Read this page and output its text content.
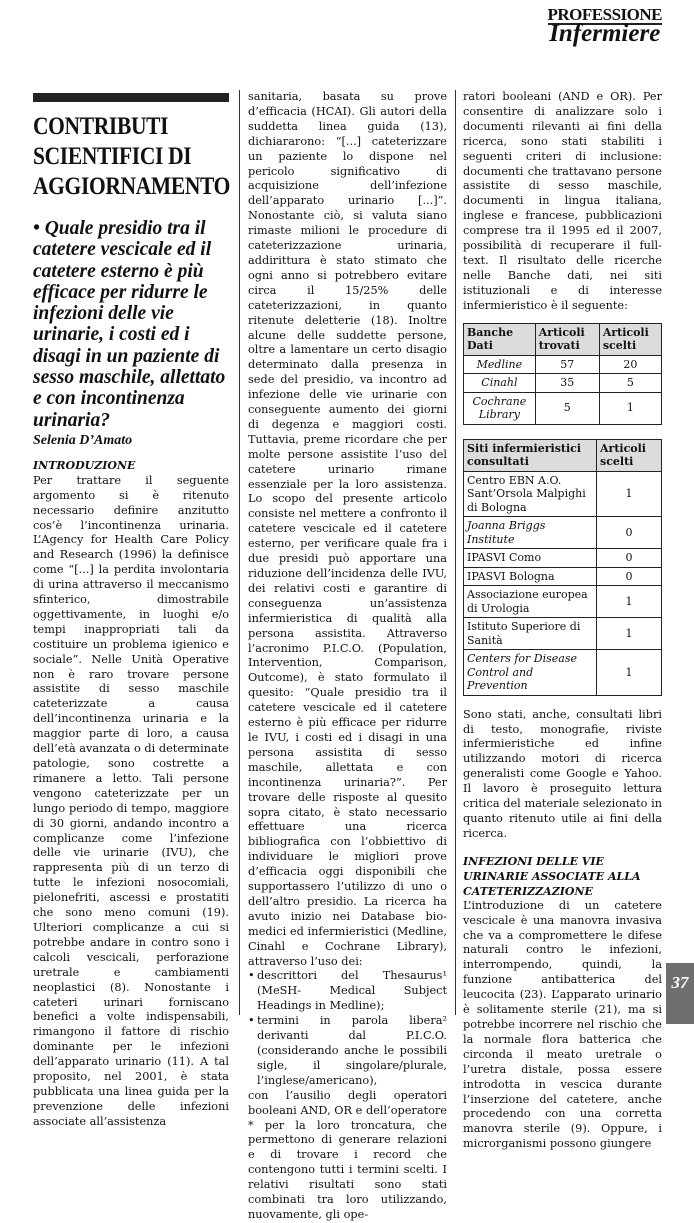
PROFESSIONE
Infermiere
CONTRIBUTI SCIENTIFICI DI AGGIORNAMENTO
• Quale presidio tra il catetere vescicale ed il catetere esterno è più efficace per ridurre le infezioni delle vie urinarie, i costi ed i disagi in un paziente di sesso maschile, allettato e con incontinenza urinaria?
Selenia D’Amato
INTRODUZIONE

Per trattare il seguente argomento si è ritenuto necessario definire anzitutto cos’è l’incontinenza urinaria. L’Agency for Health Care Policy and Research (1996) la definisce come “[...] la perdita involontaria di urina attraverso il meccanismo sfinterico, dimostrabile oggettivamente, in luoghi e/o tempi inappropriati tali da costituire un problema igienico e sociale”. Nelle Unità Operative non è raro trovare persone assistite di sesso maschile cateterizzate a causa dell’incontinenza urinaria e la maggior parte di loro, a causa dell’età avanzata o di determinate patologie, sono costrette a rimanere a letto. Tali persone vengono cateterizzate per un lungo periodo di tempo, maggiore di 30 giorni, andando incontro a complicanze come l’infezione delle vie urinarie (IVU), che rappresenta più di un terzo di tutte le infezioni nosocomiali, pielonefriti, ascessi e prostatiti che sono meno comuni (19). Ulteriori complicanze a cui si potrebbe andare in contro sono i calcoli vescicali, perforazione uretrale e cambiamenti neoplastici (8). Nonostante i cateteri urinari forniscano benefici a volte indispensabili, rimangono il fattore di rischio dominante per le infezioni dell’apparato urinario (11). A tal proposito, nel 2001, è stata pubblicata una linea guida per la prevenzione delle infezioni associate all’assistenza

sanitaria, basata su prove d’efficacia (HCAI). Gli autori della suddetta linea guida (13), dichiararono: “[...] cateterizzare un paziente lo dispone nel pericolo significativo di acquisizione dell’infezione dell’apparato urinario [...]”. Nonostante ciò, si valuta siano rimaste milioni le procedure di cateterizzazione urinaria, addirittura è stato stimato che ogni anno si potrebbero evitare circa il 15/25% delle cateterizzazioni, in quanto ritenute deletterie (18). Inoltre alcune delle suddette persone, oltre a lamentare un certo disagio determinato dalla presenza in sede del presidio, va incontro ad infezione delle vie urinarie con conseguente aumento dei giorni di degenza e maggiori costi. Tuttavia, preme ricordare che per molte persone assistite l’uso del catetere urinario rimane essenziale per la loro assistenza. Lo scopo del presente articolo consiste nel mettere a confronto il catetere vescicale ed il catetere esterno, per verificare quale fra i due presidi può apportare una riduzione dell’incidenza delle IVU, dei relativi costi e garantire di conseguenza un’assistenza infermieristica di qualità alla persona assistita. Attraverso l’acronimo P.I.C.O. (Population, Intervention, Comparison, Outcome), è stato formulato il quesito: “Quale presidio tra il catetere vescicale ed il catetere esterno è più efficace per ridurre le IVU, i costi ed i disagi in una persona assistita di sesso maschile, allettata e con incontinenza urinaria?”. Per trovare delle risposte al quesito sopra citato, è stato necessario effettuare una ricerca bibliografica con l’obbiettivo di individuare le migliori prove d’efficacia oggi disponibili che supportassero l’utilizzo di uno o dell’altro presidio. La ricerca ha avuto inizio nei Database bio-medici ed infermieristici (Medline, Cinahl e Cochrane Library), attraverso l’uso dei:

• descrittori del Thesaurus¹ (MeSH- Medical Subject Headings in Medline);
• termini in parola libera² derivanti dal P.I.C.O. (considerando anche le possibili sigle, il singolare/plurale, l’inglese/americano),

con l’ausilio degli operatori booleani AND, OR e dell’operatore * per la loro troncatura, che permettono di generare relazioni e di trovare i record che contengono tutti i termini scelti. I relativi risultati sono stati combinati tra loro utilizzando, nuovamente, gli ope-

ratori booleani (AND e OR). Per consentire di analizzare solo i documenti rilevanti ai fini della ricerca, sono stati stabiliti i seguenti criteri di inclusione: documenti che trattavano persone assistite di sesso maschile, documenti in lingua italiana, inglese e francese, pubblicazioni comprese tra il 1995 ed il 2007, possibilità di recuperare il full-text. Il risultato delle ricerche nelle Banche dati, nei siti istituzionali e di interesse infermieristico è il seguente:

Banche Dati	Articoli trovati	Articoli scelti
Medline	57	20
Cinahl	35	5
Cochrane Library	5	1
Siti infermieristici consultati	Articoli scelti
Centro EBN A.O. Sant’Orsola Malpighi di Bologna	1
Joanna Briggs Institute	0
IPASVI Como	0
IPASVI Bologna	0
Associazione europea di Urologia	1
Istituto Superiore di Sanità	1
Centers for Disease Control and Prevention	1

Sono stati, anche, consultati libri di testo, monografie, riviste infermieristiche ed infine utilizzando motori di ricerca generalisti come Google e Yahoo. Il lavoro è proseguito lettura critica del materiale selezionato in quanto ritenuto utile ai fini della ricerca.

INFEZIONI DELLE VIE URINARIE ASSOCIATE ALLA CATETERIZZAZIONE

L’introduzione di un catetere vescicale è una manovra invasiva che va a compromettere le difese naturali contro le infezioni, interrompendo, quindi, la funzione antibatterica del leucocita (23). L’apparato urinario è solitamente sterile (21), ma si potrebbe incorrere nel rischio che la normale flora batterica che circonda il meato uretrale o l’uretra distale, possa essere introdotta in vescica durante l’inserzione del catetere, anche procedendo con una corretta manovra sterile (9). Oppure, i microrganismi possono giungere

37
